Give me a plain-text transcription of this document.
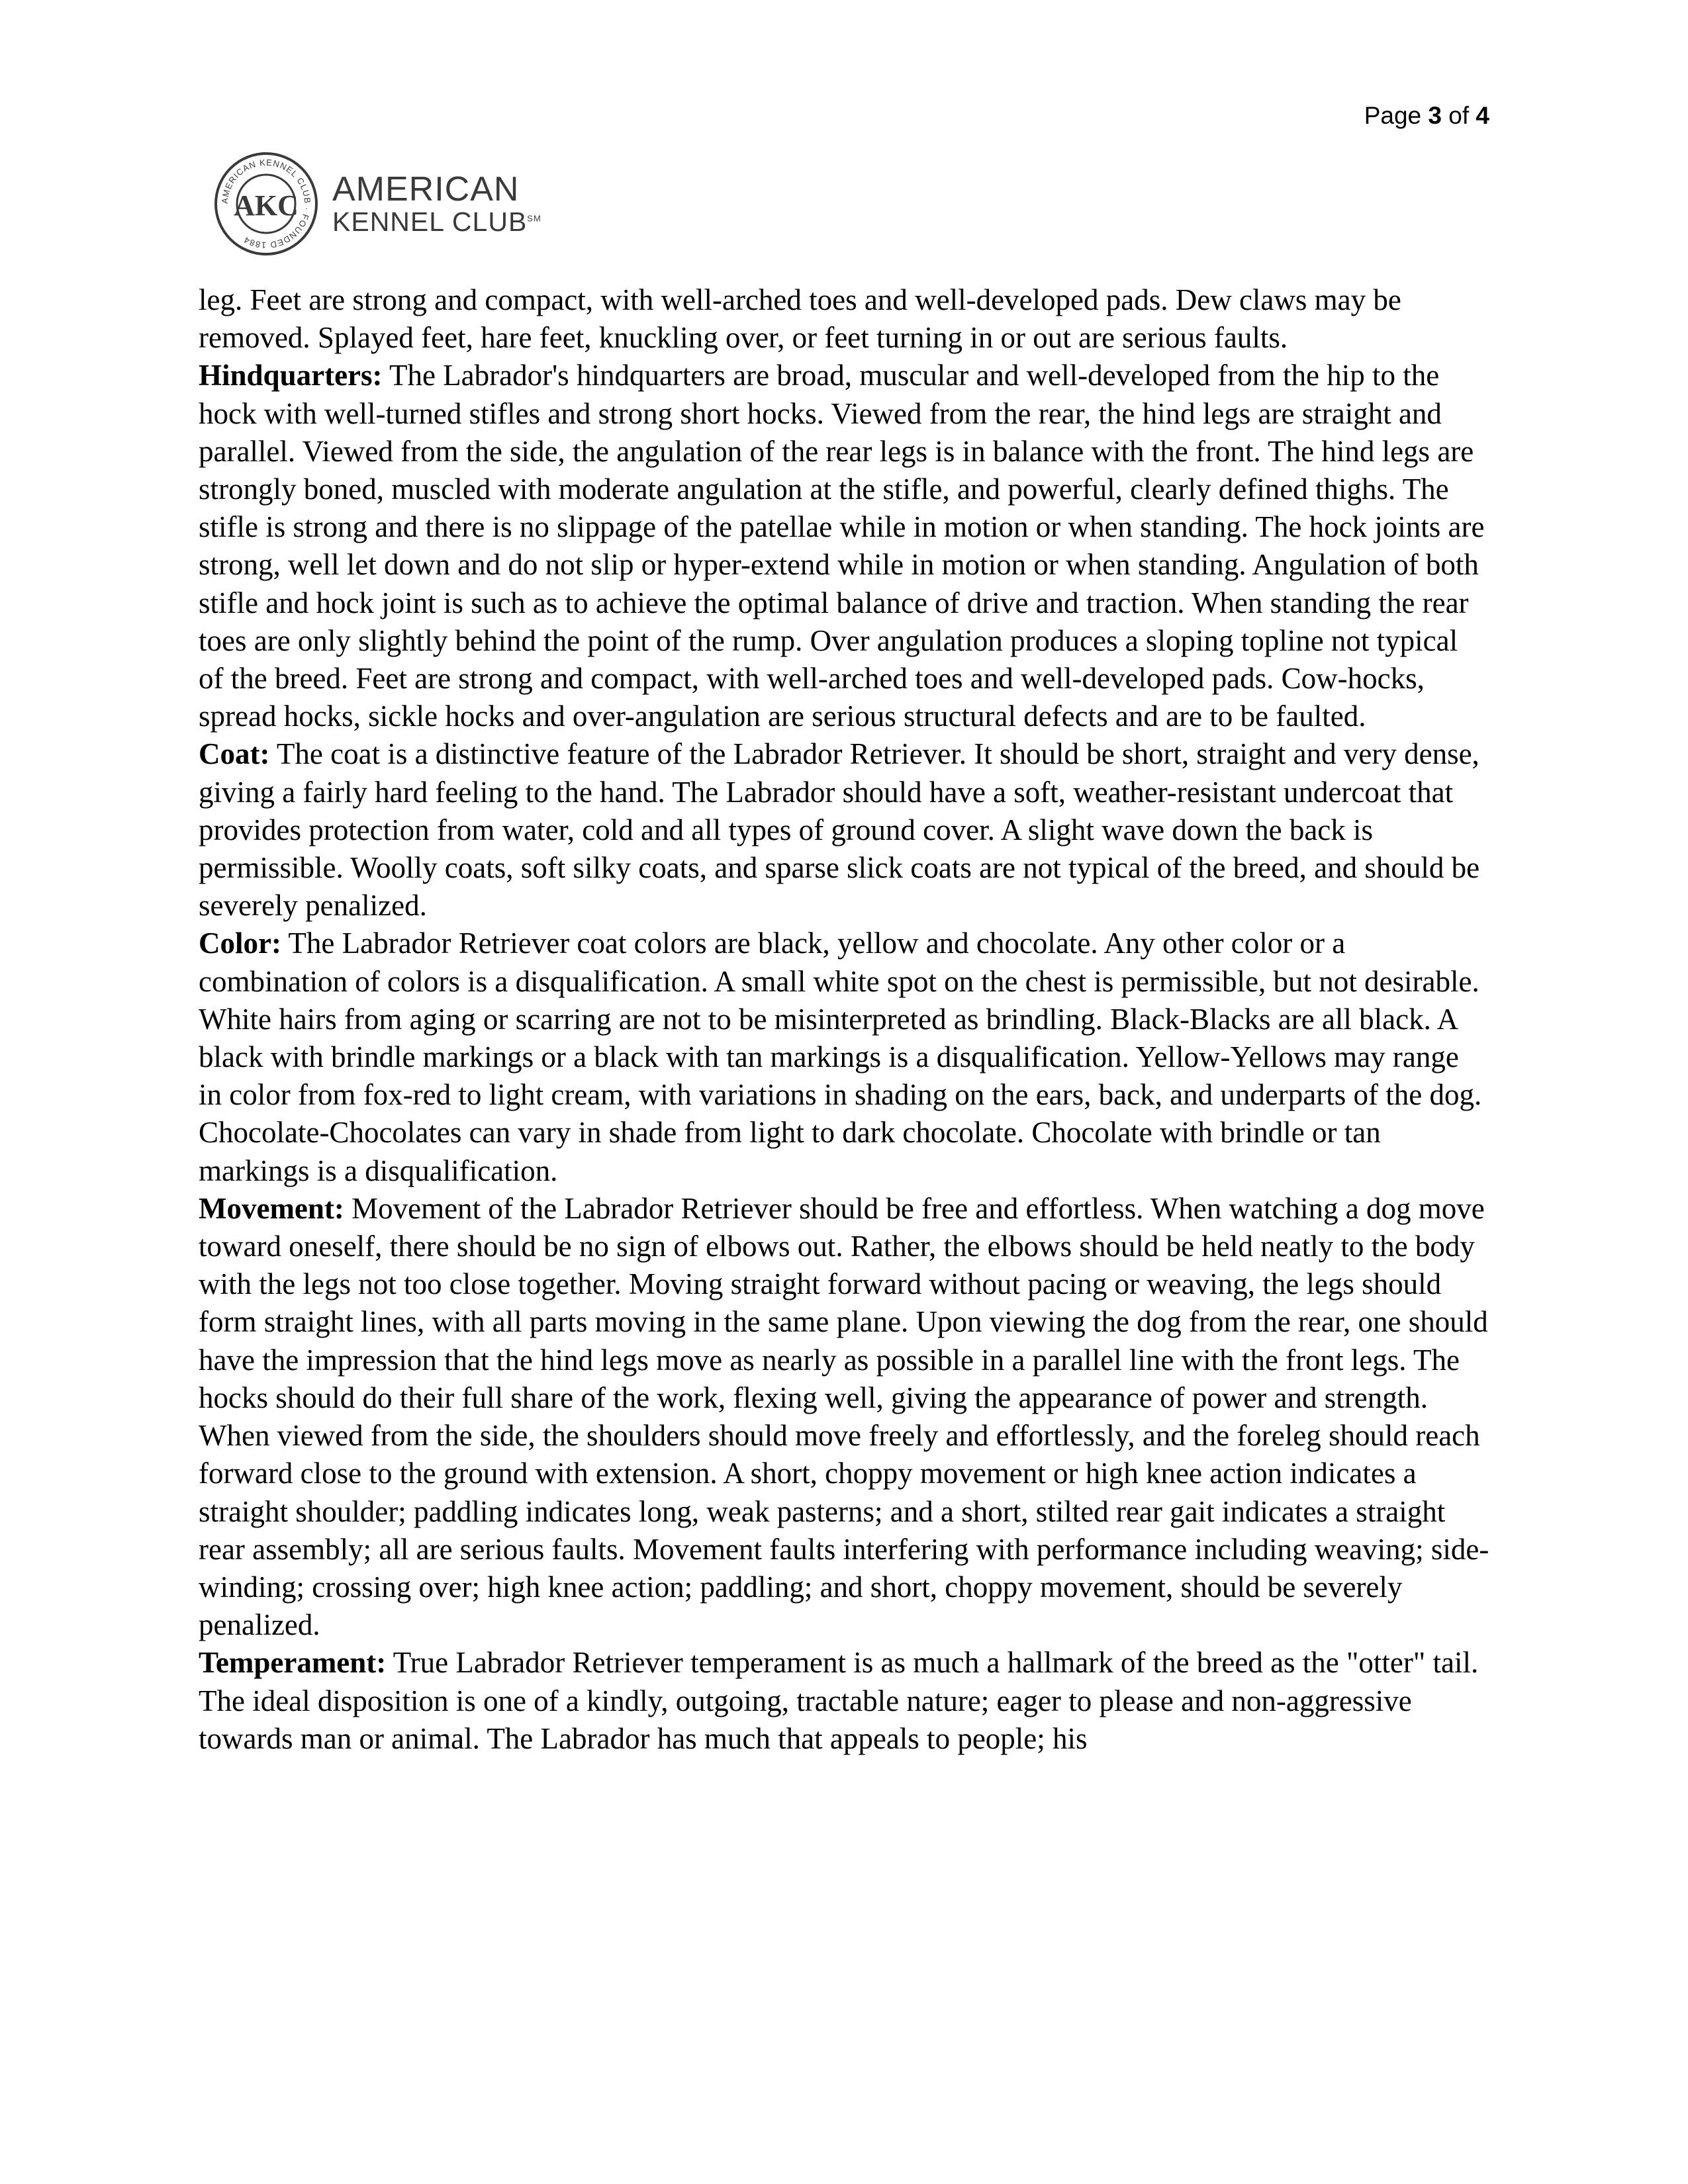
Page 3 of 4
AMERICAN KENNEL CLUB · FOUNDED 1884
AKC AMERICAN
KENNEL CLUB℠

leg. Feet are strong and compact, with well-arched toes and well-developed pads. Dew claws may be removed. Splayed feet, hare feet, knuckling over, or feet turning in or out are serious faults.

Hindquarters: The Labrador's hindquarters are broad, muscular and well-developed from the hip to the hock with well-turned stifles and strong short hocks. Viewed from the rear, the hind legs are straight and parallel. Viewed from the side, the angulation of the rear legs is in balance with the front. The hind legs are strongly boned, muscled with moderate angulation at the stifle, and powerful, clearly defined thighs. The stifle is strong and there is no slippage of the patellae while in motion or when standing. The hock joints are strong, well let down and do not slip or hyper-extend while in motion or when standing. Angulation of both stifle and hock joint is such as to achieve the optimal balance of drive and traction. When standing the rear toes are only slightly behind the point of the rump. Over angulation produces a sloping topline not typical of the breed. Feet are strong and compact, with well-arched toes and well-developed pads. Cow-hocks, spread hocks, sickle hocks and over-angulation are serious structural defects and are to be faulted.

Coat: The coat is a distinctive feature of the Labrador Retriever. It should be short, straight and very dense, giving a fairly hard feeling to the hand. The Labrador should have a soft, weather-resistant undercoat that provides protection from water, cold and all types of ground cover. A slight wave down the back is permissible. Woolly coats, soft silky coats, and sparse slick coats are not typical of the breed, and should be severely penalized.

Color: The Labrador Retriever coat colors are black, yellow and chocolate. Any other color or a combination of colors is a disqualification. A small white spot on the chest is permissible, but not desirable. White hairs from aging or scarring are not to be misinterpreted as brindling. Black-Blacks are all black. A black with brindle markings or a black with tan markings is a disqualification. Yellow-Yellows may range in color from fox-red to light cream, with variations in shading on the ears, back, and underparts of the dog. Chocolate-Chocolates can vary in shade from light to dark chocolate. Chocolate with brindle or tan markings is a disqualification.

Movement: Movement of the Labrador Retriever should be free and effortless. When watching a dog move toward oneself, there should be no sign of elbows out. Rather, the elbows should be held neatly to the body with the legs not too close together. Moving straight forward without pacing or weaving, the legs should form straight lines, with all parts moving in the same plane. Upon viewing the dog from the rear, one should have the impression that the hind legs move as nearly as possible in a parallel line with the front legs. The hocks should do their full share of the work, flexing well, giving the appearance of power and strength. When viewed from the side, the shoulders should move freely and effortlessly, and the foreleg should reach forward close to the ground with extension. A short, choppy movement or high knee action indicates a straight shoulder; paddling indicates long, weak pasterns; and a short, stilted rear gait indicates a straight rear assembly; all are serious faults. Movement faults interfering with performance including weaving; side-winding; crossing over; high knee action; paddling; and short, choppy movement, should be severely penalized.

Temperament: True Labrador Retriever temperament is as much a hallmark of the breed as the "otter" tail. The ideal disposition is one of a kindly, outgoing, tractable nature; eager to please and non-aggressive towards man or animal. The Labrador has much that appeals to people; his
